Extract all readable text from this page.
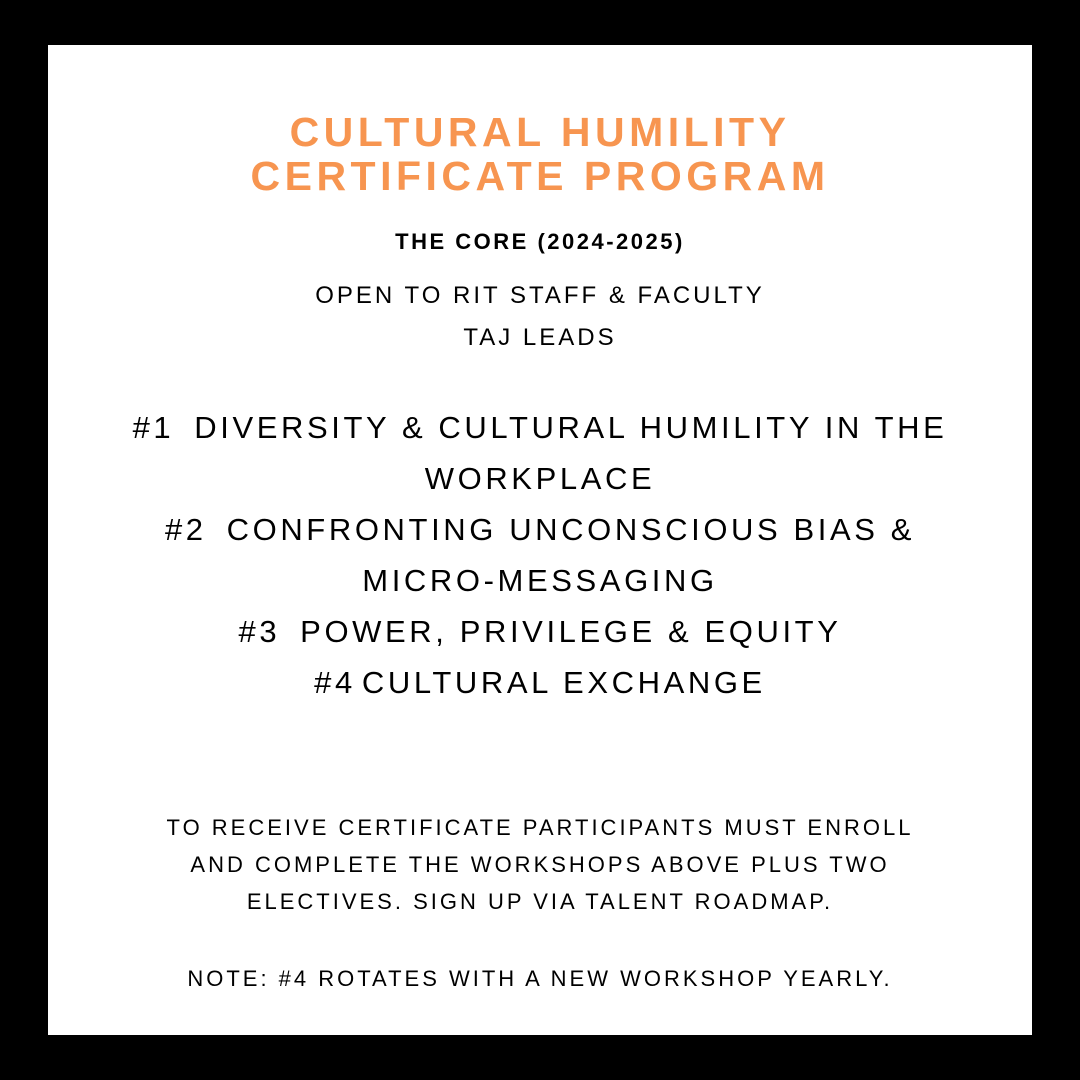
CULTURAL HUMILITY
CERTIFICATE PROGRAM
THE CORE (2024-2025)
OPEN TO RIT STAFF & FACULTY
TAJ LEADS
#1 DIVERSITY & CULTURAL HUMILITY IN THE
WORKPLACE
#2 CONFRONTING UNCONSCIOUS BIAS &
MICRO-MESSAGING
#3 POWER, PRIVILEGE & EQUITY
#4 CULTURAL EXCHANGE
TO RECEIVE CERTIFICATE PARTICIPANTS MUST ENROLL
AND COMPLETE THE WORKSHOPS ABOVE PLUS TWO
ELECTIVES. SIGN UP VIA TALENT ROADMAP.
NOTE: #4 ROTATES WITH A NEW WORKSHOP YEARLY.
